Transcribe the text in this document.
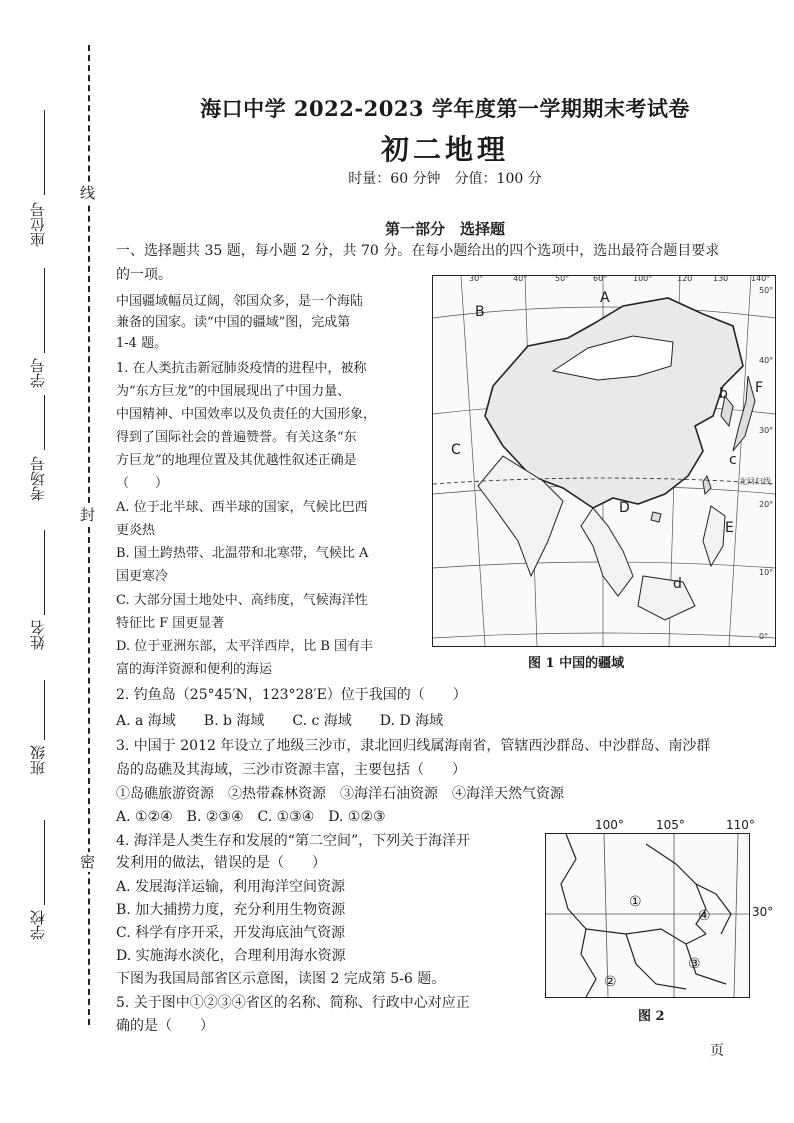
线
封
密
座位号
学号
考场号
姓名
班级
学校
海口中学 2022-2023 学年度第一学期期末考试卷
初二地理
时量：60 分钟　分值：100 分
第一部分　选择题
一、选择题共 35 题，每小题 2 分，共 70 分。在每小题给出的四个选项中，选出最符合题目要求
的一项。
中国疆域幅员辽阔，邻国众多，是一个海陆
兼备的国家。读“中国的疆域”图，完成第
1-4 题。
1. 在人类抗击新冠肺炎疫情的进程中，被称
为“东方巨龙”的中国展现出了中国力量、
中国精神、中国效率以及负责任的大国形象，
得到了国际社会的普遍赞誉。有关这条“东
方巨龙”的地理位置及其优越性叙述正确是
（　　）
A. 位于北半球、西半球的国家，气候比巴西
更炎热
B. 国土跨热带、北温带和北寒带，气候比 A
国更寒冷
C. 大部分国土地处中、高纬度，气候海洋性
特征比 F 国更显著
D. 位于亚洲东部，太平洋西岸，比 B 国有丰
富的海洋资源和便利的海运
2. 钓鱼岛（25°45′N，123°28′E）位于我国的（　　）
A. a 海域　　B. b 海域　　C. c 海域　　D. D 海域
3. 中国于 2012 年设立了地级三沙市，隶北回归线属海南省，管辖西沙群岛、中沙群岛、南沙群
岛的岛礁及其海域，三沙市资源丰富，主要包括（　　）
①岛礁旅游资源　②热带森林资源　③海洋石油资源　④海洋天然气资源
A. ①②④　B. ②③④　C. ①③④　D. ①②③
4. 海洋是人类生存和发展的“第二空间”，下列关于海洋开
发利用的做法，错误的是（　　）
A. 发展海洋运输，利用海洋空间资源
B. 加大捕捞力度，充分利用生物资源
C. 科学有序开采，开发海底油气资源
D. 实施海水淡化，合理利用海水资源
下图为我国局部省区示意图，读图 2 完成第 5-6 题。
5. 关于图中①②③④省区的名称、简称、行政中心对应正
确的是（　　）
30°	40°	50°	60°	100°	120	130	140°
50°
40°
30°
20°
10°
0°
北回归线
A
B
C
D
E
F
b
c
d
图 1 中国的疆域
100°	105°	110°
①
②
③
④	30°
图 2
页
